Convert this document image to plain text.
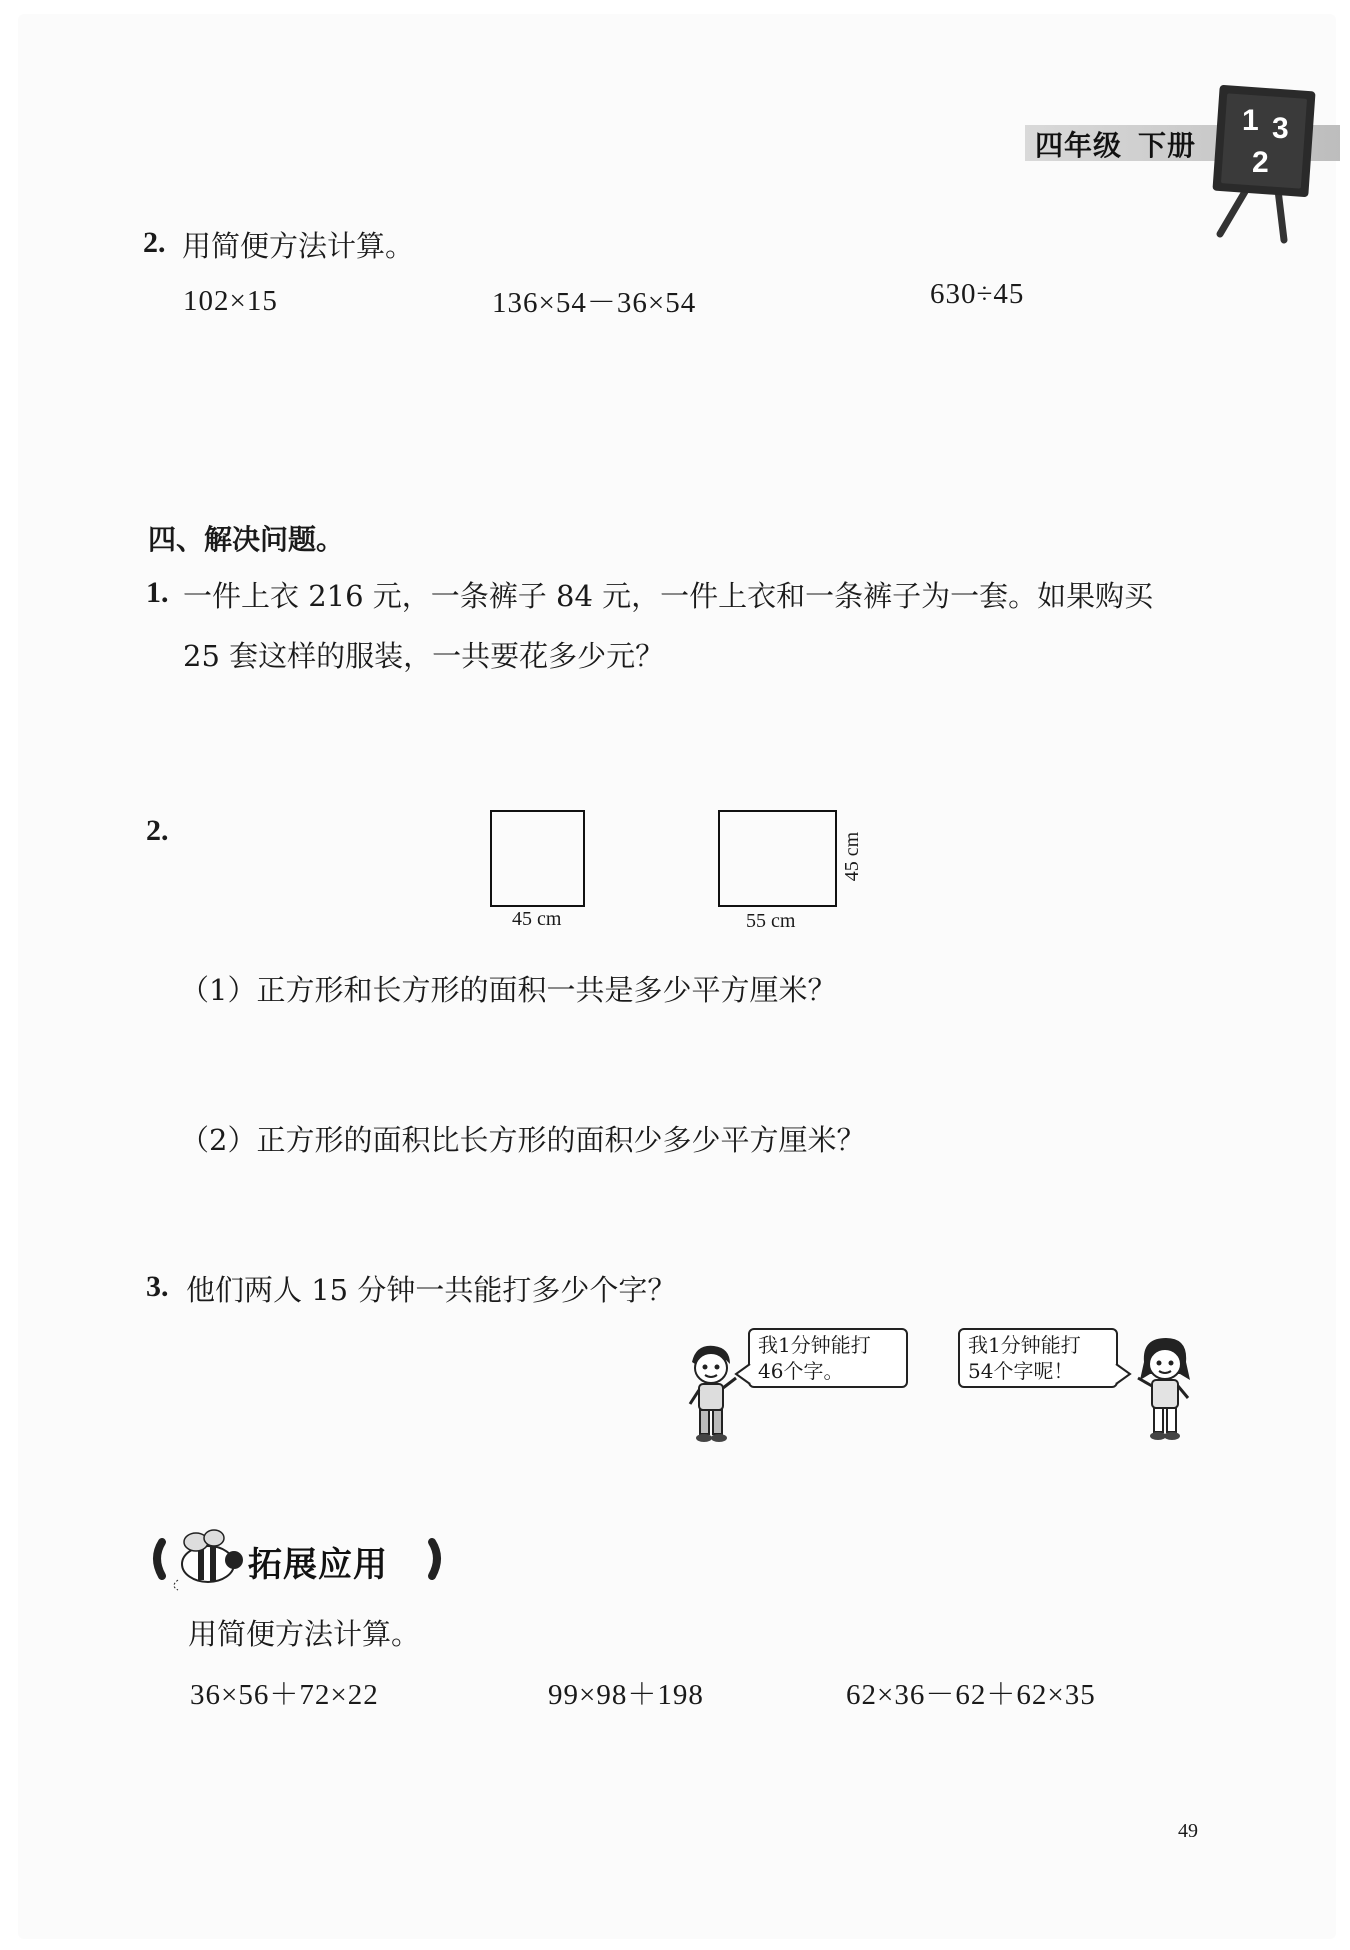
四年级 下册
1 3
2
2. 用简便方法计算。
102×15	136×54－36×54	630÷45
四、解决问题。
1. 一件上衣 216 元，一条裤子 84 元，一件上衣和一条裤子为一套。如果购买
25 套这样的服装，一共要花多少元？
2.
45 cm	55 cm
45 cm
（1）正方形和长方形的面积一共是多少平方厘米？
（2）正方形的面积比长方形的面积少多少平方厘米？
3. 他们两人 15 分钟一共能打多少个字？
我1分钟能打
46个字。
我1分钟能打
54个字呢！
拓展应用
用简便方法计算。
36×56＋72×22	99×98＋198	62×36－62＋62×35
49
